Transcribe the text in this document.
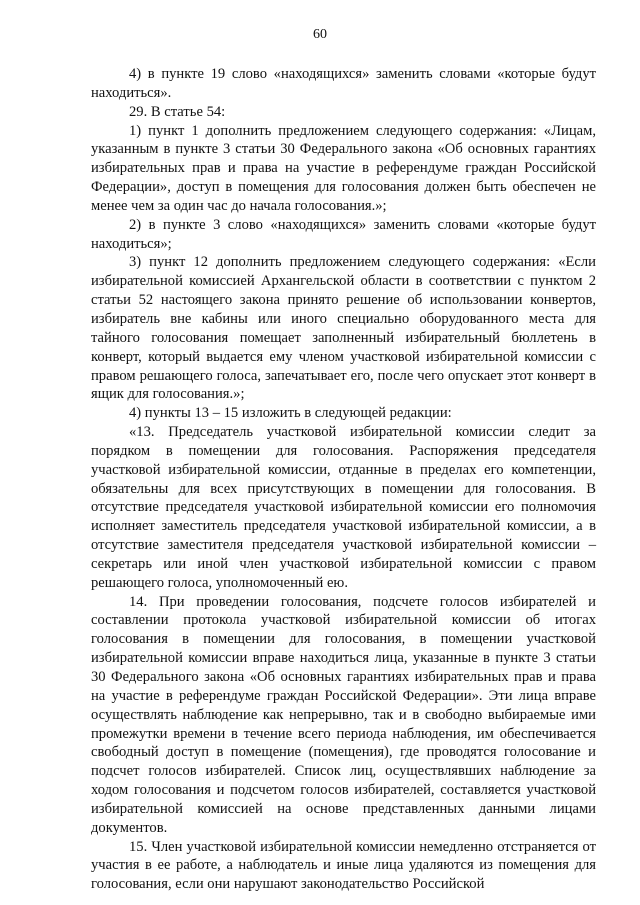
60

4) в пункте 19 слово «находящихся» заменить словами «которые будут находиться».

29. В статье 54:

1) пункт 1 дополнить предложением следующего содержания: «Лицам, указанным в пункте 3 статьи 30 Федерального закона «Об основных гарантиях избирательных прав и права на участие в референдуме граждан Российской Федерации», доступ в помещения для голосования должен быть обеспечен не менее чем за один час до начала голосования.»;

2) в пункте 3 слово «находящихся» заменить словами «которые будут находиться»;

3) пункт 12 дополнить предложением следующего содержания: «Если избирательной комиссией Архангельской области в соответствии с пунктом 2 статьи 52 настоящего закона принято решение об использовании конвертов, избиратель вне кабины или иного специально оборудованного места для тайного голосования помещает заполненный избирательный бюллетень в конверт, который выдается ему членом участковой избирательной комиссии с правом решающего голоса, запечатывает его, после чего опускает этот конверт в ящик для голосования.»;

4) пункты 13 – 15 изложить в следующей редакции:

«13. Председатель участковой избирательной комиссии следит за порядком в помещении для голосования. Распоряжения председателя участковой избирательной комиссии, отданные в пределах его компетенции, обязательны для всех присутствующих в помещении для голосования. В отсутствие председателя участковой избирательной комиссии его полномочия исполняет заместитель председателя участковой избирательной комиссии, а в отсутствие заместителя председателя участковой избирательной комиссии – секретарь или иной член участковой избирательной комиссии с правом решающего голоса, уполномоченный ею.

14. При проведении голосования, подсчете голосов избирателей и составлении протокола участковой избирательной комиссии об итогах голосования в помещении для голосования, в помещении участковой избирательной комиссии вправе находиться лица, указанные в пункте 3 статьи 30 Федерального закона «Об основных гарантиях избирательных прав и права на участие в референдуме граждан Российской Федерации». Эти лица вправе осуществлять наблюдение как непрерывно, так и в свободно выбираемые ими промежутки времени в течение всего периода наблюдения, им обеспечивается свободный доступ в помещение (помещения), где проводятся голосование и подсчет голосов избирателей. Список лиц, осуществлявших наблюдение за ходом голосования и подсчетом голосов избирателей, составляется участковой избирательной комиссией на основе представленных данными лицами документов.

15. Член участковой избирательной комиссии немедленно отстраняется от участия в ее работе, а наблюдатель и иные лица удаляются из помещения для голосования, если они нарушают законодательство Российской
